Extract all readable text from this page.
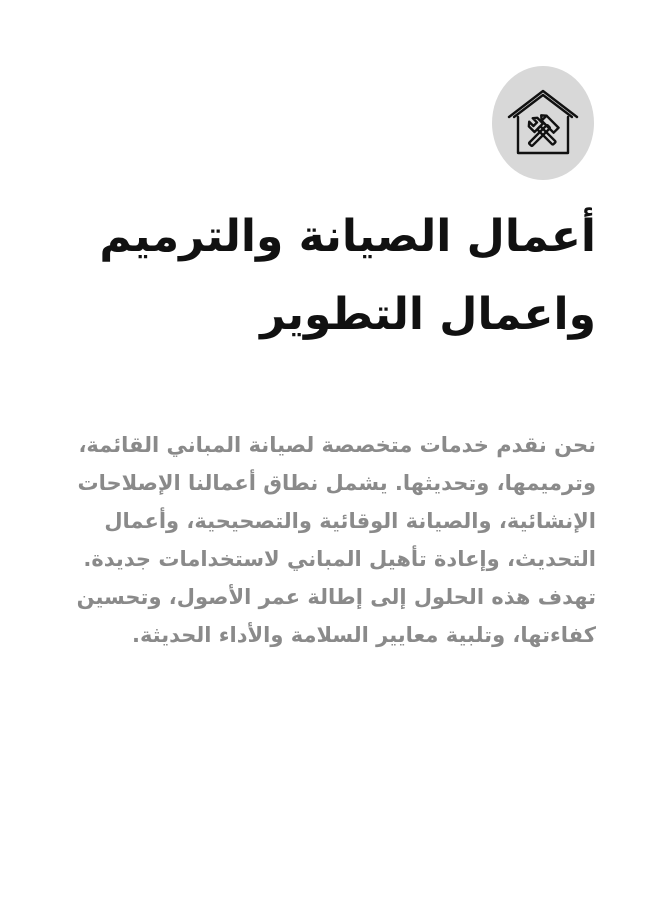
أعمال الصيانة والترميم واعمال التطوير

نحن نقدم خدمات متخصصة لصيانة المباني القائمة، وترميمها، وتحديثها. يشمل نطاق أعمالنا الإصلاحات الإنشائية، والصيانة الوقائية والتصحيحية، وأعمال التحديث، وإعادة تأهيل المباني لاستخدامات جديدة. تهدف هذه الحلول إلى إطالة عمر الأصول، وتحسين كفاءتها، وتلبية معايير السلامة والأداء الحديثة.
